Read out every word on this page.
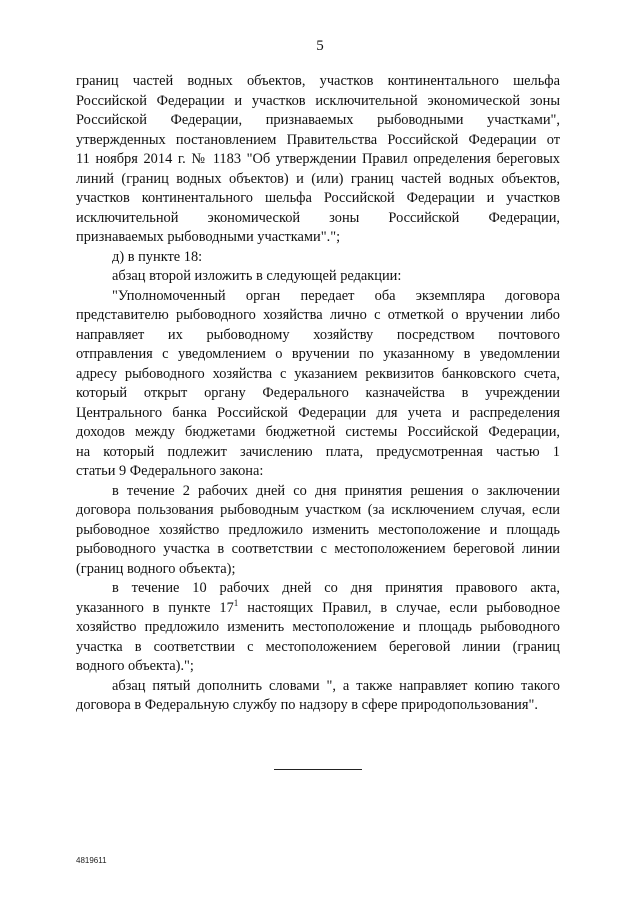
5
границ частей водных объектов, участков континентального шельфа
Российской Федерации и участков исключительной экономической зоны
Российской Федерации, признаваемых рыбоводными участками",
утвержденных постановлением Правительства Российской Федерации от
11 ноября 2014 г. № 1183 "Об утверждении Правил определения береговых
линий (границ водных объектов) и (или) границ частей водных объектов,
участков континентального шельфа Российской Федерации и участков
исключительной экономической зоны Российской Федерации,
признаваемых рыбоводными участками".";
д) в пункте 18:
абзац второй изложить в следующей редакции:
"Уполномоченный орган передает оба экземпляра договора
представителю рыбоводного хозяйства лично с отметкой о вручении либо
направляет их рыбоводному хозяйству посредством почтового
отправления с уведомлением о вручении по указанному в уведомлении
адресу рыбоводного хозяйства с указанием реквизитов банковского счета,
который открыт органу Федерального казначейства в учреждении
Центрального банка Российской Федерации для учета и распределения
доходов между бюджетами бюджетной системы Российской Федерации,
на который подлежит зачислению плата, предусмотренная частью 1
статьи 9 Федерального закона:
в течение 2 рабочих дней со дня принятия решения о заключении
договора пользования рыбоводным участком (за исключением случая, если
рыбоводное хозяйство предложило изменить местоположение и площадь
рыбоводного участка в соответствии с местоположением береговой линии
(границ водного объекта);
в течение 10 рабочих дней со дня принятия правового акта,
указанного в пункте $17^1$ настоящих Правил, в случае, если рыбоводное
хозяйство предложило изменить местоположение и площадь рыбоводного
участка в соответствии с местоположением береговой линии (границ
водного объекта).";
абзац пятый дополнить словами ", а также направляет копию такого
договора в Федеральную службу по надзору в сфере природопользования".
4819611
